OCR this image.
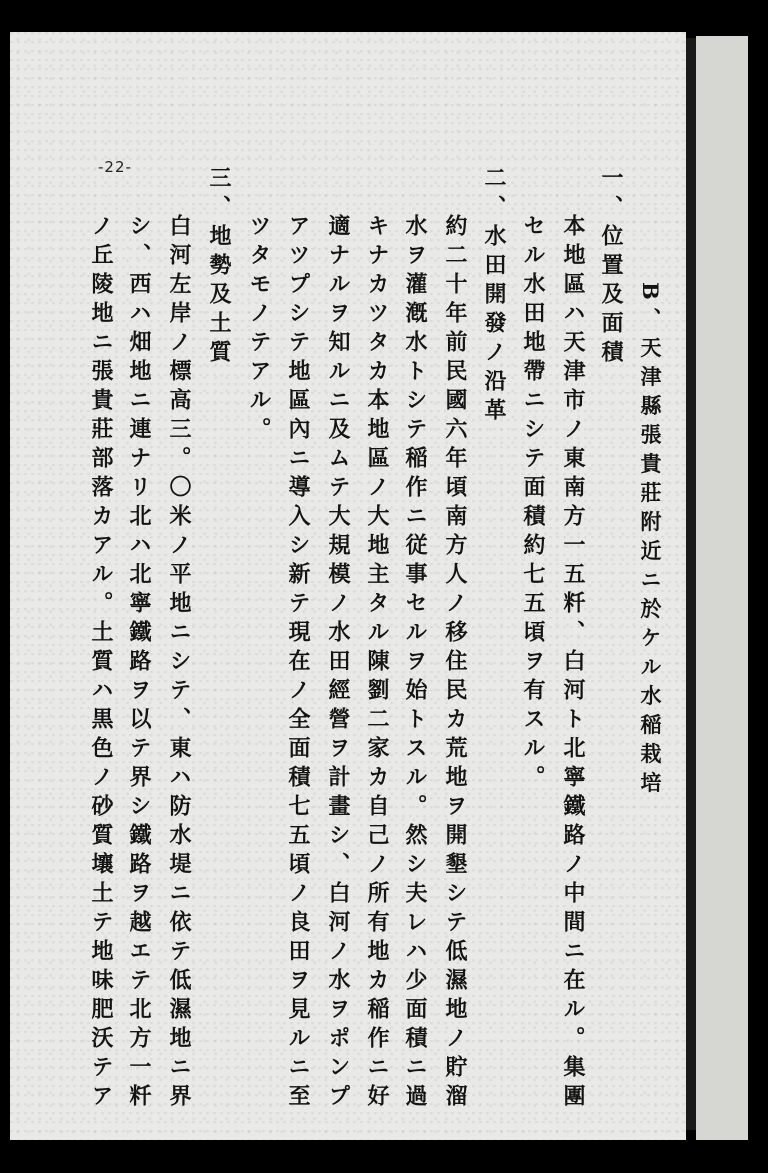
-22-
B、天津縣張貴莊附近ニ於ケル水稲栽培
一、位置及面積
本地區ハ天津市ノ東南方一五粁、白河ト北寧鐵路ノ中間ニ在ル。集團
セル水田地帶ニシテ面積約七五頃ヲ有スル。
二、水田開發ノ沿革
約二十年前民國六年頃南方人ノ移住民カ荒地ヲ開墾シテ低濕地ノ貯溜
水ヲ灌漑水トシテ稲作ニ従事セルヲ始トスル。然シ夫レハ少面積ニ過
キナカツタカ本地區ノ大地主タル陳劉二家カ自己ノ所有地カ稲作ニ好
適ナルヲ知ルニ及ムテ大規模ノ水田經營ヲ計畫シ、白河ノ水ヲポンプ
アツプシテ地區內ニ導入シ新テ現在ノ全面積七五頃ノ良田ヲ見ルニ至
ツタモノテアル。
三、地勢及土質
白河左岸ノ標高三。〇米ノ平地ニシテ、東ハ防水堤ニ依テ低濕地ニ界
シ、西ハ畑地ニ連ナリ北ハ北寧鐵路ヲ以テ界シ鐵路ヲ越エテ北方一粁
ノ丘陵地ニ張貴莊部落カアル。土質ハ黒色ノ砂質壤土テ地味肥沃テア
